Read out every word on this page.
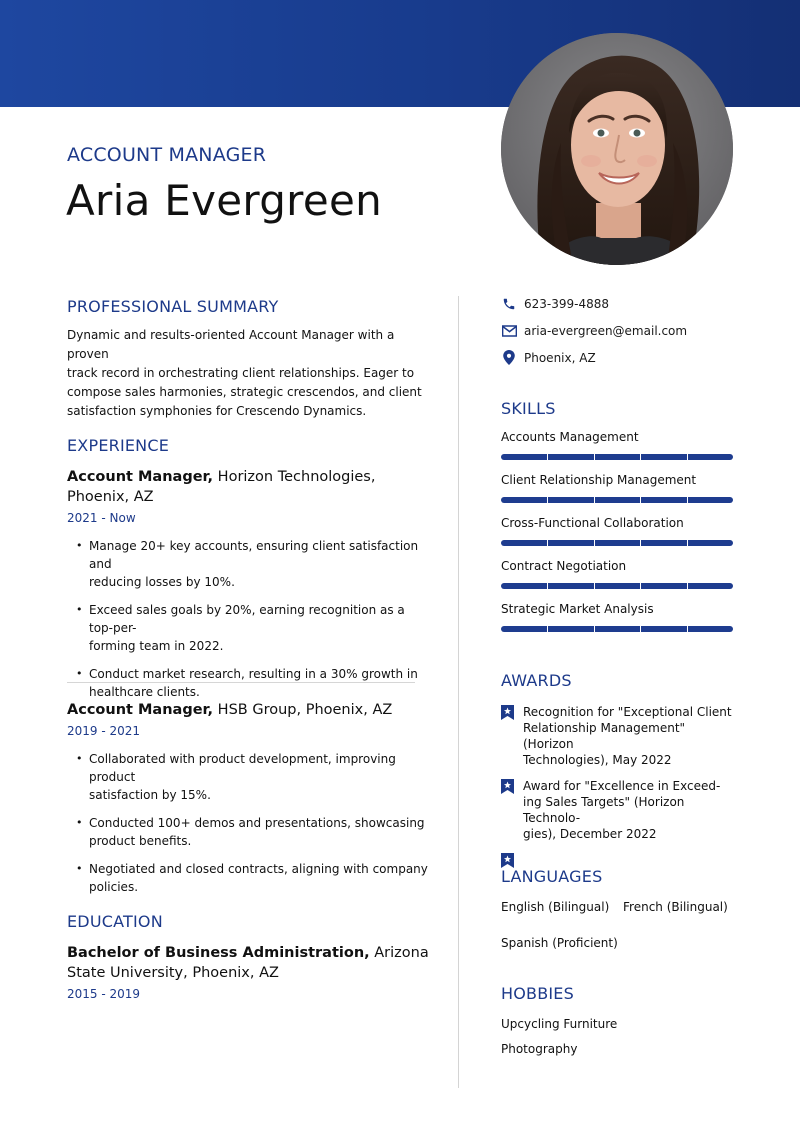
ACCOUNT MANAGER
Aria Evergreen
PROFESSIONAL SUMMARY
Dynamic and results-oriented Account Manager with a proven
track record in orchestrating client relationships. Eager to
compose sales harmonies, strategic crescendos, and client
satisfaction symphonies for Crescendo Dynamics.
EXPERIENCE
Account Manager, Horizon Technologies,
Phoenix, AZ
2021 - Now
• Manage 20+ key accounts, ensuring client satisfaction and
reducing losses by 10%.
• Exceed sales goals by 20%, earning recognition as a top-per-
forming team in 2022.
• Conduct market research, resulting in a 30% growth in
healthcare clients.
Account Manager, HSB Group, Phoenix, AZ
2019 - 2021
• Collaborated with product development, improving product
satisfaction by 15%.
• Conducted 100+ demos and presentations, showcasing
product benefits.
• Negotiated and closed contracts, aligning with company
policies.
EDUCATION
Bachelor of Business Administration, Arizona
State University, Phoenix, AZ
2015 - 2019
623-399-4888
aria-evergreen@email.com
Phoenix, AZ
SKILLS
Accounts Management
Client Relationship Management
Cross-Functional Collaboration
Contract Negotiation
Strategic Market Analysis
AWARDS
Recognition for "Exceptional Client
Relationship Management" (Horizon
Technologies), May 2022
Award for "Excellence in Exceed-
ing Sales Targets" (Horizon Technolo-
gies), December 2022
LANGUAGES
English (Bilingual)	French (Bilingual)
Spanish (Proficient)
HOBBIES
Upcycling Furniture
Photography
